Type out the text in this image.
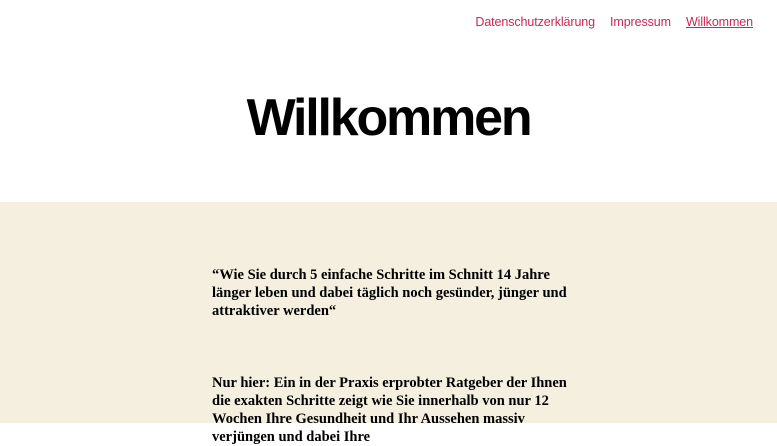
Datenschutzerklärung Impressum Willkommen
Willkommen

“Wie Sie durch 5 einfache Schritte im Schnitt 14 Jahre länger leben und dabei täglich noch gesünder, jünger und attraktiver werden“

Nur hier: Ein in der Praxis erprobter Ratgeber der Ihnen die exakten Schritte zeigt wie Sie innerhalb von nur 12 Wochen Ihre Gesundheit und Ihr Aussehen massiv verjüngen und dabei Ihre
